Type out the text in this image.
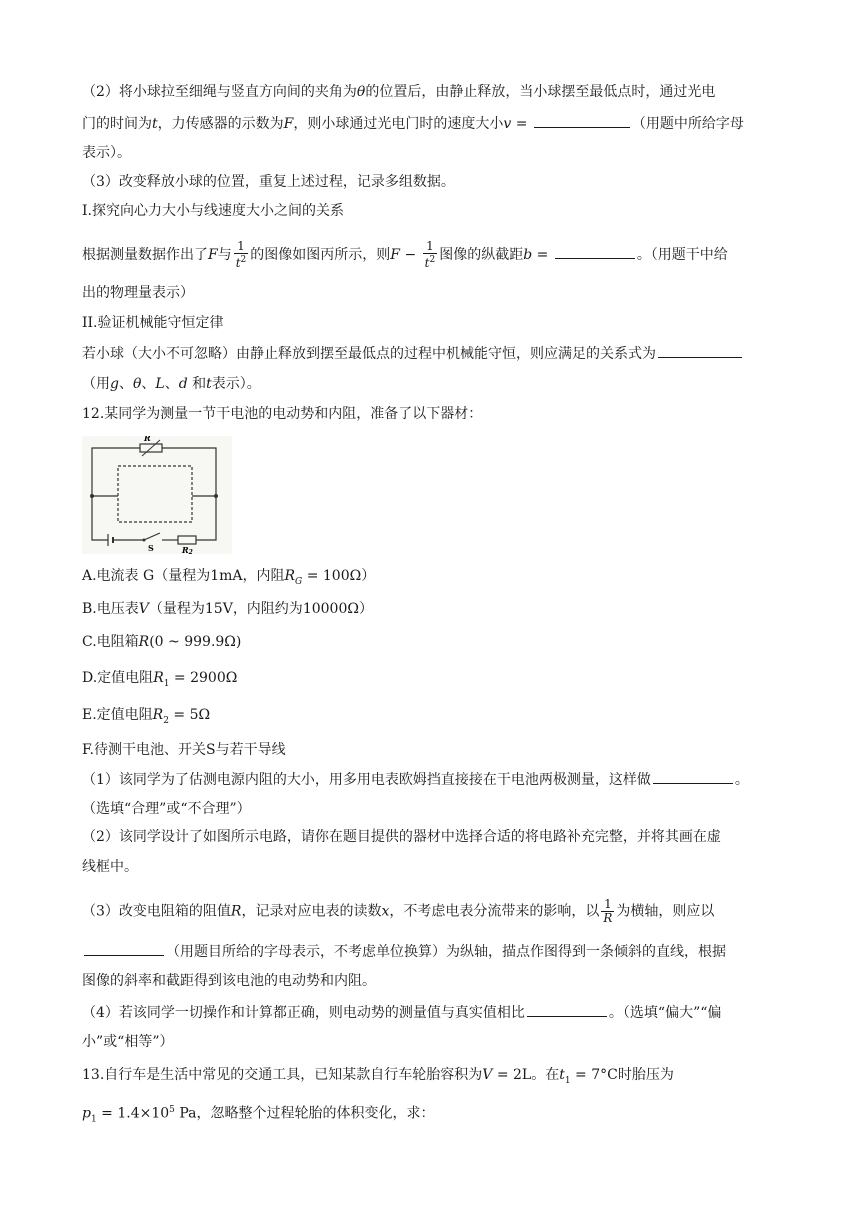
（2）将小球拉至细绳与竖直方向间的夹角为θ的位置后，由静止释放，当小球摆至最低点时，通过光电
门的时间为t，力传感器的示数为F，则小球通过光电门时的速度大小v =	（用题中所给字母
表示）。
（3）改变释放小球的位置，重复上述过程，记录多组数据。
I.探究向心力大小与线速度大小之间的关系
根据测量数据作出了F与 $\frac{1}{t^2}$ 的图像如图丙所示，则$F - \frac{1}{t^2}$ 图像的纵截距b =	。（用题干中给
出的物理量表示）
II.验证机械能守恒定律
若小球（大小不可忽略）由静止释放到摆至最低点的过程中机械能守恒，则应满足的关系式为
（用g、θ、L、d 和t表示）。
12.某同学为测量一节干电池的电动势和内阻，准备了以下器材：
R
S	R2
A.电流表 G（量程为1mA，内阻$R_G = 100\Omega$）
B.电压表V（量程为15V，内阻约为10000Ω）
C.电阻箱R(0 ~ 999.9Ω)
D.定值电阻$R_1 = 2900\Omega$
E.定值电阻$R_2 = 5\Omega$
F.待测干电池、开关S与若干导线
（1）该同学为了估测电源内阻的大小，用多用电表欧姆挡直接接在干电池两极测量，这样做	。
（选填“合理”或“不合理”）
（2）该同学设计了如图所示电路，请你在题目提供的器材中选择合适的将电路补充完整，并将其画在虚
线框中。
（3）改变电阻箱的阻值R，记录对应电表的读数x，不考虑电表分流带来的影响，以 $\frac{1}{R}$ 为横轴，则应以
（用题目所给的字母表示，不考虑单位换算）为纵轴，描点作图得到一条倾斜的直线，根据
图像的斜率和截距得到该电池的电动势和内阻。
（4）若该同学一切操作和计算都正确，则电动势的测量值与真实值相比	。（选填“偏大”“偏
小”或“相等”）
13.自行车是生活中常见的交通工具，已知某款自行车轮胎容积为V = 2L。在$t_1 = 7^\circ C$时胎压为
$p_1 = 1.4\times 10^5$ Pa，忽略整个过程轮胎的体积变化，求：
